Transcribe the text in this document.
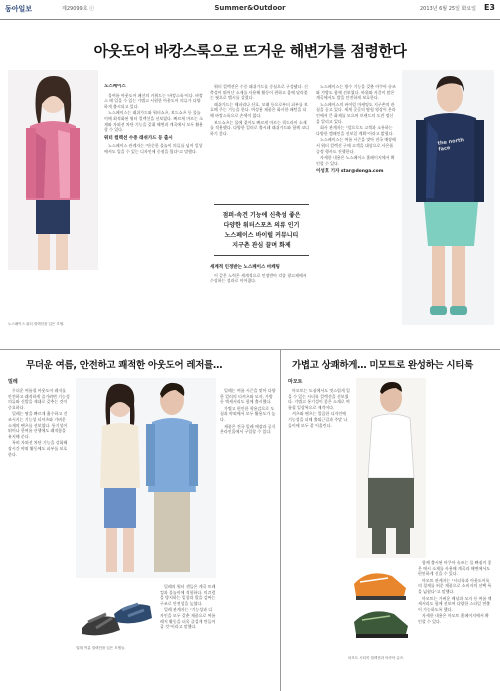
동아일보	제29099호 ⓒ	Summer&Outdoor	2013년 6월 25일 화요일 E3
아웃도어 바캉스룩으로 뜨거운 해변가를 점령한다
노스페이스 워터 컬렉션을 입은 모델.
노스페이스

올여름 아웃도어 패션의 키워드는 '바캉스룩'이다. 바캉스 때 입을 수 있는 가볍고 시원한 아웃도어 의류가 다양하게 출시되고 있다.

노스페이스는 래쉬가드와 워터쇼츠, 보드쇼츠 등 물놀이에 최적화된 워터 컬렉션을 선보였다. 빠르게 마르는 소재와 자외선 차단 기능을 갖춰 해변과 계곡에서 모두 활용할 수 있다.

워터 컬렉션 수중 래쉬가드 등 출시

노스페이스 관계자는 "단순한 물놀이 의류를 넘어 일상에서도 입을 수 있는 디자인에 중점을 뒀다"고 말했다.

워터 컬렉션은 수중 래쉬가드를 중심으로 구성됐다. 신축성이 뛰어난 소재를 사용해 활동이 편하고 몸에 달라붙는 핏으로 맵시를 살렸다.

래쉬가드는 해파리나 산호, 모래 등으로부터 피부를 보호해 주는 기능을 한다. 여성용 제품은 화사한 패턴을 더해 바캉스룩으로 손색이 없다.

보드쇼츠는 물에 젖어도 빠르게 마르는 퀵드라이 소재를 적용했다. 다양한 컬러로 출시돼 래쉬가드와 함께 코디하기 좋다.

점퍼·속건 기능에 신축성 좋은
다양한 워터스포츠 의류 인기
노스페이스 바이럴 커뮤니티
지구촌 관심 끌며 화제
세계적 인정받는 노스페이스 마케팅

이 같은 노력은 세계적으로 인정받아 각종 광고제에서 수상하는 성과로 이어졌다.

노스페이스는 방수 기능을 갖춘 아쿠아 슈즈와 가방도 함께 선보였다. 바위와 자갈이 많은 계곡에서도 발을 안전하게 보호한다.

노스페이스의 바이럴 마케팅도 지구촌의 관심을 끌고 있다. 세계 곳곳의 탐험 영상이 온라인에서 큰 화제를 모으며 브랜드의 도전 정신을 알리고 있다.

회사 관계자는 "앞으로도 고객과 소통하는 다양한 캠페인을 선보일 계획"이라고 밝혔다.

노스페이스는 여름 시즌을 맞아 전국 매장에서 워터 컬렉션 구매 고객을 대상으로 사은품 증정 행사도 진행한다.

자세한 내용은 노스페이스 홈페이지에서 확인할 수 있다.

이성호 기자 star@donga.com
the north face
무더운 여름, 안전하고 쾌적한 아웃도어 레저를…
밀레

무더운 여름철 아웃도어 레저를 안전하고 쾌적하게 즐기려면 기능성 의류와 신발을 제대로 갖추는 것이 중요하다.

밀레는 땀을 빠르게 흡수하고 건조시키는 기능성 티셔츠와 가벼운 소재의 팬츠를 선보였다. 통기성이 뛰어나 한여름 산행에도 쾌적함을 유지해 준다.

특히 자외선 차단 기능을 강화해 장시간 야외 활동에도 피부를 보호한다.

밀레 여름 컬렉션을 입은 모델들.

밀레의 워터 샌들은 계곡 트레킹과 물놀이에 적합하다. 미끄럼을 방지하는 밑창과 발을 감싸는 구조로 안전성을 높였다.

밀레 관계자는 "기능성과 디자인을 모두 갖춘 제품으로 여름 레저 활동을 더욱 즐겁게 만들어 줄 것"이라고 말했다.

밀레는 여름 시즌을 맞아 다양한 컬러의 티셔츠와 모자, 가방 등 액세서리도 함께 출시했다.

가볍고 편안한 착용감으로 도심과 야외에서 모두 활용도가 높다.

제품은 전국 밀레 매장과 공식 온라인몰에서 구입할 수 있다.

가볍고 상쾌하게… 미모트로 완성하는 시티룩
마모트

마모트는 도심에서도 멋스럽게 입을 수 있는 시티룩 컬렉션을 선보였다. 가볍고 통기성이 좋은 소재로 여름철 일상복으로 제격이다.

셔츠와 팬츠는 깔끔한 디자인에 기능성을 더해 출퇴근길과 주말 나들이에 모두 잘 어울린다.

마모트 시티룩 컬렉션과 아쿠아 슈즈.

함께 출시된 아쿠아 슈즈는 물 빠짐이 좋은 메시 소재를 사용해 계곡과 해변에서도 편안하게 신을 수 있다.

마모트 관계자는 "시티룩과 아웃도어룩의 경계를 허문 제품으로 소비자의 선택 폭을 넓혔다"고 말했다.

마모트는 가벼운 배낭과 모자 등 여름 액세서리도 함께 선보여 다양한 스타일 연출이 가능하도록 했다.

자세한 내용은 마모트 홈페이지에서 확인할 수 있다.
